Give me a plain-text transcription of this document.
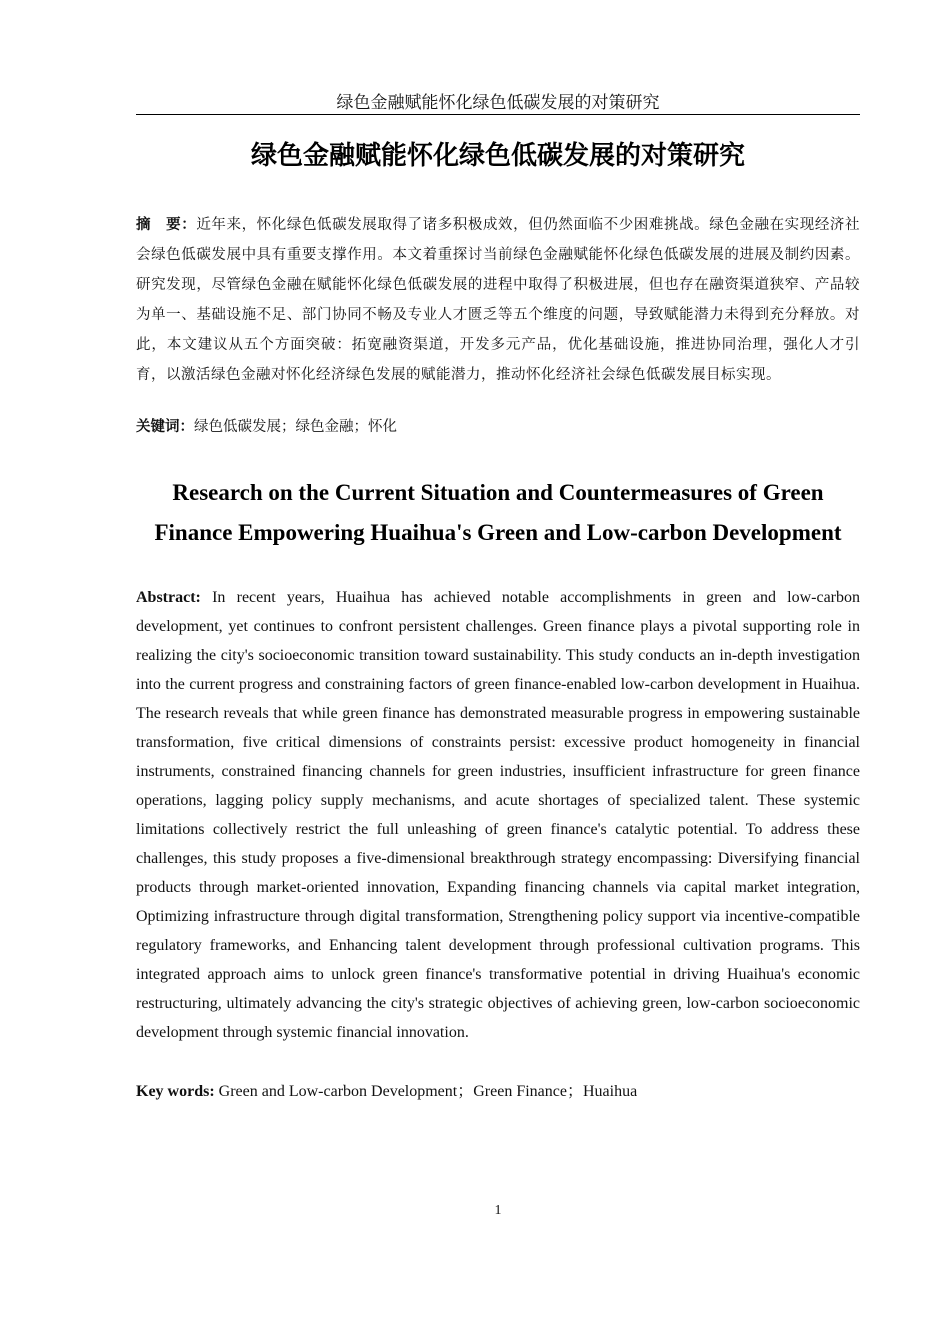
绿色金融赋能怀化绿色低碳发展的对策研究
绿色金融赋能怀化绿色低碳发展的对策研究
摘　要：近年来，怀化绿色低碳发展取得了诸多积极成效，但仍然面临不少困难挑战。绿色金融在实现经济社会绿色低碳发展中具有重要支撑作用。本文着重探讨当前绿色金融赋能怀化绿色低碳发展的进展及制约因素。研究发现，尽管绿色金融在赋能怀化绿色低碳发展的进程中取得了积极进展，但也存在融资渠道狭窄、产品较为单一、基础设施不足、部门协同不畅及专业人才匮乏等五个维度的问题，导致赋能潜力未得到充分释放。对此，本文建议从五个方面突破：拓宽融资渠道，开发多元产品，优化基础设施，推进协同治理，强化人才引育，以激活绿色金融对怀化经济绿色发展的赋能潜力，推动怀化经济社会绿色低碳发展目标实现。
关键词：绿色低碳发展；绿色金融；怀化
Research on the Current Situation and Countermeasures of Green Finance Empowering Huaihua's Green and Low-carbon Development
Abstract: In recent years, Huaihua has achieved notable accomplishments in green and low-carbon development, yet continues to confront persistent challenges. Green finance plays a pivotal supporting role in realizing the city's socioeconomic transition toward sustainability. This study conducts an in-depth investigation into the current progress and constraining factors of green finance-enabled low-carbon development in Huaihua. The research reveals that while green finance has demonstrated measurable progress in empowering sustainable transformation, five critical dimensions of constraints persist: excessive product homogeneity in financial instruments, constrained financing channels for green industries, insufficient infrastructure for green finance operations, lagging policy supply mechanisms, and acute shortages of specialized talent. These systemic limitations collectively restrict the full unleashing of green finance's catalytic potential. To address these challenges, this study proposes a five-dimensional breakthrough strategy encompassing: Diversifying financial products through market-oriented innovation, Expanding financing channels via capital market integration, Optimizing infrastructure through digital transformation, Strengthening policy support via incentive-compatible regulatory frameworks, and Enhancing talent development through professional cultivation programs. This integrated approach aims to unlock green finance's transformative potential in driving Huaihua's economic restructuring, ultimately advancing the city's strategic objectives of achieving green, low-carbon socioeconomic development through systemic financial innovation.
Key words: Green and Low-carbon Development；Green Finance；Huaihua
1
